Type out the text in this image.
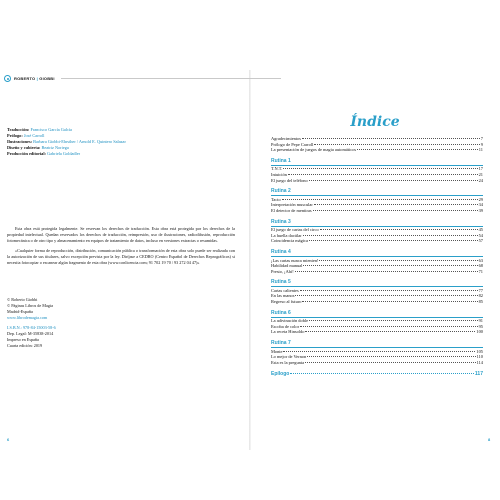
ROBERTO | GIOBBI
Traducción: Francisco García Galcía
Prólogo: José Carroll
Ilustraciones: Barbara Giobbi-Ehrsther / Arnold E. Quintero Salazar
Diseño y cubierta: Beatriz Noriega
Producción editorial: Gabriela Goldadler

Esta obra está protegida legalmente. Se reservan los derechos de traducción. Esta obra está protegida por los derechos de la propiedad intelectual. Quedan reservados los derechos de traducción, reimpresión, uso de ilustraciones, radiodifusión, reproducción fotomecánica o de otro tipo y almacenamiento en equipos de tratamiento de datos, incluso en versiones extractas o resumidas.

«Cualquier forma de reproducción, distribución, comunicación pública o transformación de esta obra solo puede ser realizada con la autorización de sus titulares, salvo excepción prevista por la ley. Diríjase a CEDRO (Centro Español de Derechos Reprográficos) si necesita fotocopiar o escanear algún fragmento de esta obra (www.conlicencia.com; 91 702 19 70 / 93 272 04 47)»

© Roberto Giobbi
© Páginas Libros de Magia
Madrid-España
www.librodemagia.com
I.S.B.N.: 978-84-15003-58-6
Dep. Legal: M-35838-2014
Impreso en España
Cuarta edición: 2019
6
Índice
Agradecimientos	7
Prólogo de Pepe Carroll	9
La presentación de juegos de magia automáticos	11
Rutina 1
T.N.T.	17
Intuición	21
El juego del teléfono	24
Rutina 2
Tacto	29
Interpretación muscular	34
El detector de mentiras	39
Rutina 3
El juego de cartas del circo	45
La huella dactilar	54
Coincidencia mágica	57
Rutina 4
¡Las cartas nunca mienten!	63
Habilidad manual	68
Presto, ¡Ahí!	71
Rutina 5
Cartas calientes	77
En las manos	82
Regreso al futuro	85
Rutina 6
La adivinación doble	91
Escoba de color	95
La receta Hinsoldo	100
Rutina 7
Monte	105
Lo mejor de Vernon	110
Esta es la pregunta	114
Epílogo	117
8
